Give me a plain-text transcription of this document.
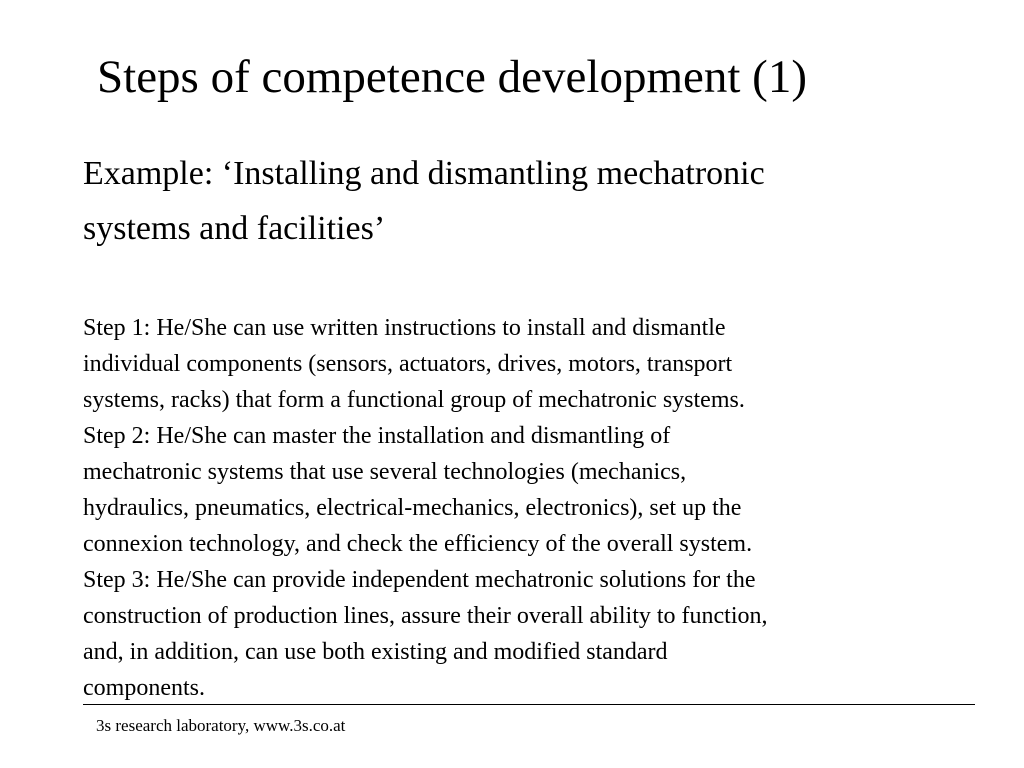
Steps of competence development (1)

Example: ‘Installing and dismantling mechatronic
systems and facilities’

Step 1: He/She can use written instructions to install and dismantle
individual components (sensors, actuators, drives, motors, transport
systems, racks) that form a functional group of mechatronic systems.
Step 2: He/She can master the installation and dismantling of
mechatronic systems that use several technologies (mechanics,
hydraulics, pneumatics, electrical-mechanics, electronics), set up the
connexion technology, and check the efficiency of the overall system.
Step 3: He/She can provide independent mechatronic solutions for the
construction of production lines, assure their overall ability to function,
and, in addition, can use both existing and modified standard
components.

3s research laboratory, www.3s.co.at
